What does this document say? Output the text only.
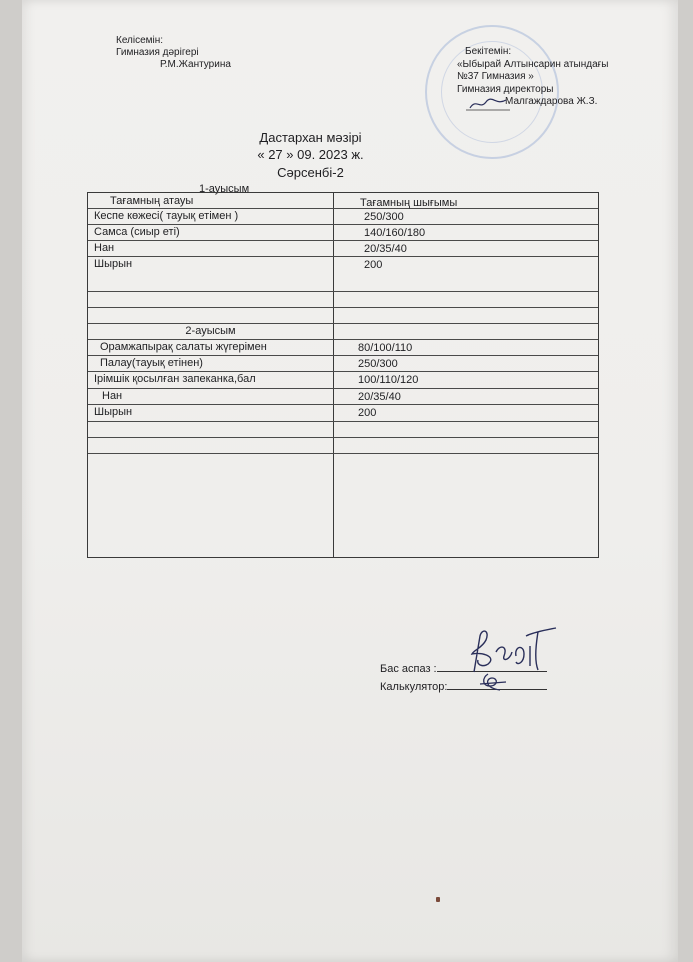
Келісемін:
Гимназия дәрігері
Р.М.Жантурина
Бекітемін:
«Ыбырай Алтынсарин атындағы
№37 Гимназия »
Гимназия директоры
Малгаждарова Ж.З.
Дастархан мәзірі
« 27 » 09. 2023 ж.
Сәрсенбі-2
1-ауысым
Тағамның атауы	Тағамның шығымы
Кеспе көжесі( тауық етімен )	250/300
Самса (сиыр еті)	140/160/180
Нан	20/35/40
Шырын	200
2-ауысым
Орамжапырақ салаты жүгерімен	80/100/110
Палау(тауық етінен)	250/300
Ірімшік қосылған запеканка,бал	100/110/120
Нан	20/35/40
Шырын	200
Бас аспаз :
Калькулятор:
